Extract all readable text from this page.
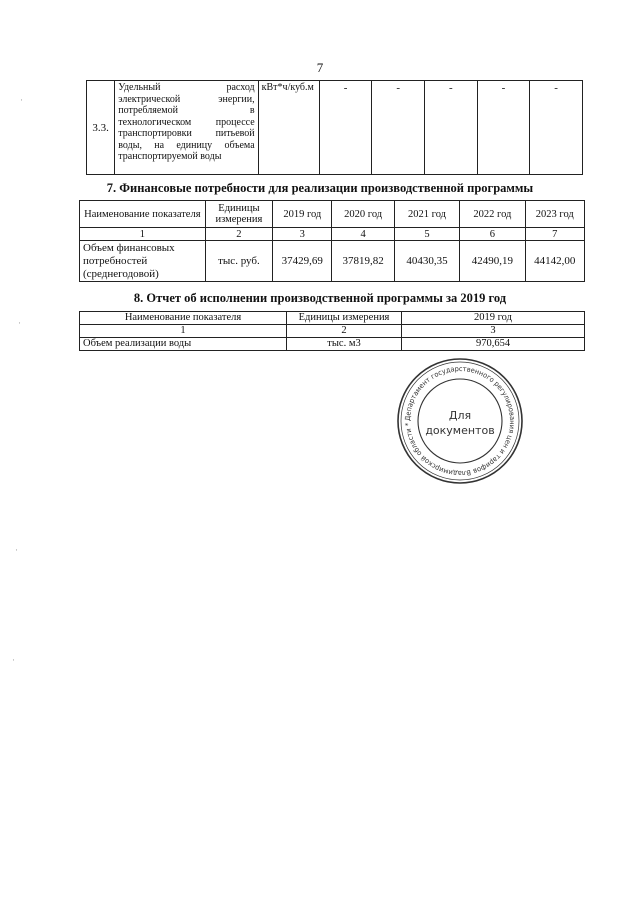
7
3.3.	Удельный расход электрической энергии, потребляемой в технологическом процессе транспортировки питьевой воды, на единицу объема транспортируемой воды	кВт*ч/куб.м	-	-	-	-	-
7. Финансовые потребности для реализации производственной программы
Наименование показателя	Единицы измерения	2019 год	2020 год	2021 год	2022 год	2023 год
1	2	3	4	5	6	7
Объем финансовых потребностей (среднегодовой)	тыс. руб.	37429,69	37819,82	40430,35	42490,19	44142,00
8. Отчет об исполнении производственной программы за 2019 год
Наименование показателя	Единицы измерения	2019 год
1	2	3
Объем реализации воды	тыс. м3	970,654
Департамент государственного регулирования цен и тарифов Владимирской области *
Для
документов
·
·
·
·
